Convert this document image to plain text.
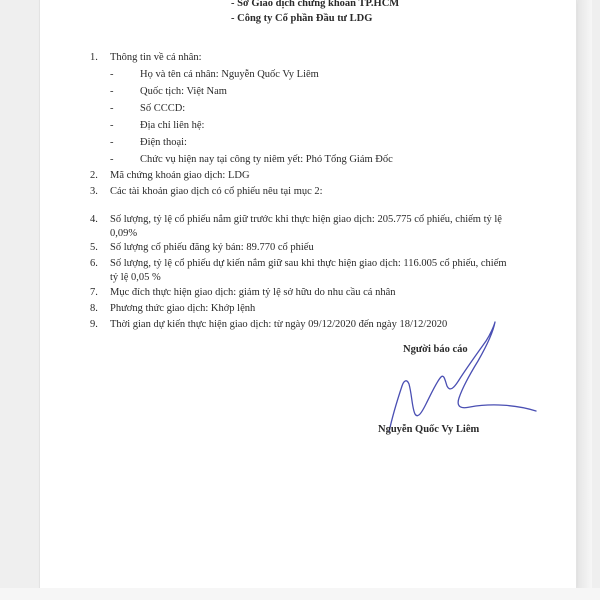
- Sở Giao dịch chứng khoán TP.HCM
- Công ty Cổ phần Đầu tư LDG
1. Thông tin về cá nhân:
-	Họ và tên cá nhân: Nguyễn Quốc Vy Liêm
-	Quốc tịch: Việt Nam
-	Số CCCD:
-	Địa chỉ liên hệ:
-	Điện thoại:
-	Chức vụ hiện nay tại công ty niêm yết: Phó Tổng Giám Đốc
2. Mã chứng khoán giao dịch: LDG
3. Các tài khoản giao dịch có cổ phiếu nêu tại mục 2:
4. Số lượng, tỷ lệ cổ phiếu nắm giữ trước khi thực hiện giao dịch: 205.775 cổ phiếu, chiếm tỷ lệ
0,09%
5. Số lượng cổ phiếu đăng ký bán: 89.770 cổ phiếu
6. Số lượng, tỷ lệ cổ phiếu dự kiến nắm giữ sau khi thực hiện giao dịch: 116.005 cổ phiếu, chiếm
tỷ lệ 0,05 %
7. Mục đích thực hiện giao dịch: giảm tỷ lệ sở hữu do nhu cầu cá nhân
8. Phương thức giao dịch: Khớp lệnh
9. Thời gian dự kiến thực hiện giao dịch: từ ngày 09/12/2020 đến ngày 18/12/2020
Người báo cáo
Nguyễn Quốc Vy Liêm
